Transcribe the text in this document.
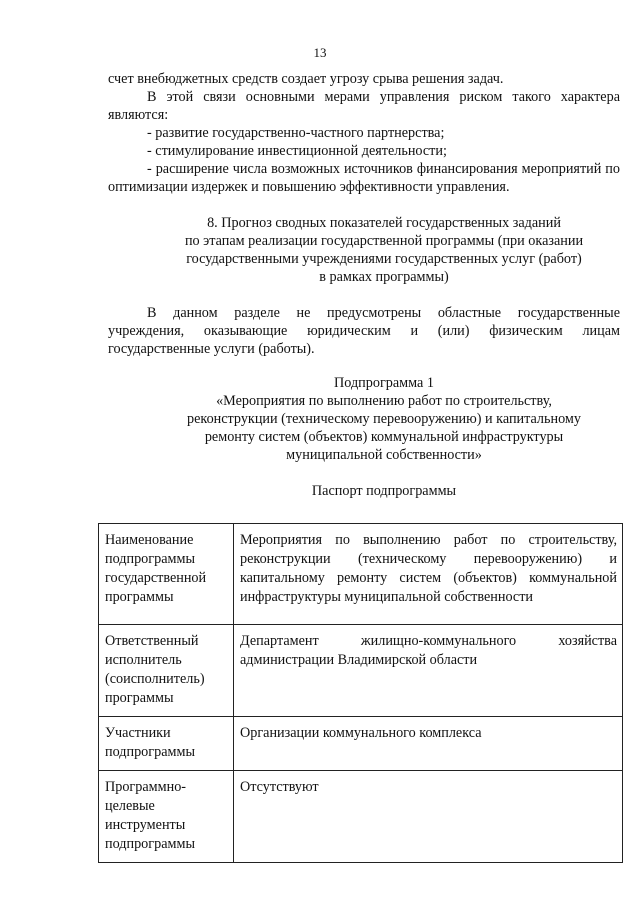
13

счет внебюджетных средств создает угрозу срыва решения задач.

В этой связи основными мерами управления риском такого характера являются:

- развитие государственно-частного партнерства;

- стимулирование инвестиционной деятельности;

- расширение числа возможных источников финансирования мероприятий по оптимизации издержек и повышению эффективности управления.

8. Прогноз сводных показателей государственных заданий
по этапам реализации государственной программы (при оказании
государственными учреждениями государственных услуг (работ)
в рамках программы)

В данном разделе не предусмотрены областные государственные учреждения, оказывающие юридическим и (или) физическим лицам государственные услуги (работы).

Подпрограмма 1
«Мероприятия по выполнению работ по строительству,
реконструкции (техническому перевооружению) и капитальному
ремонту систем (объектов) коммунальной инфраструктуры
муниципальной собственности»

Паспорт подпрограммы

Наименование подпрограммы государственной программы	Мероприятия по выполнению работ по строительству, реконструкции (техническому перевооружению) и капитальному ремонту систем (объектов) коммунальной инфраструктуры муниципальной собственности
Ответственный исполнитель (соисполнитель) программы	Департамент жилищно-коммунального хозяйства администрации Владимирской области
Участники подпрограммы	Организации коммунального комплекса
Программно-целевые инструменты подпрограммы	Отсутствуют
